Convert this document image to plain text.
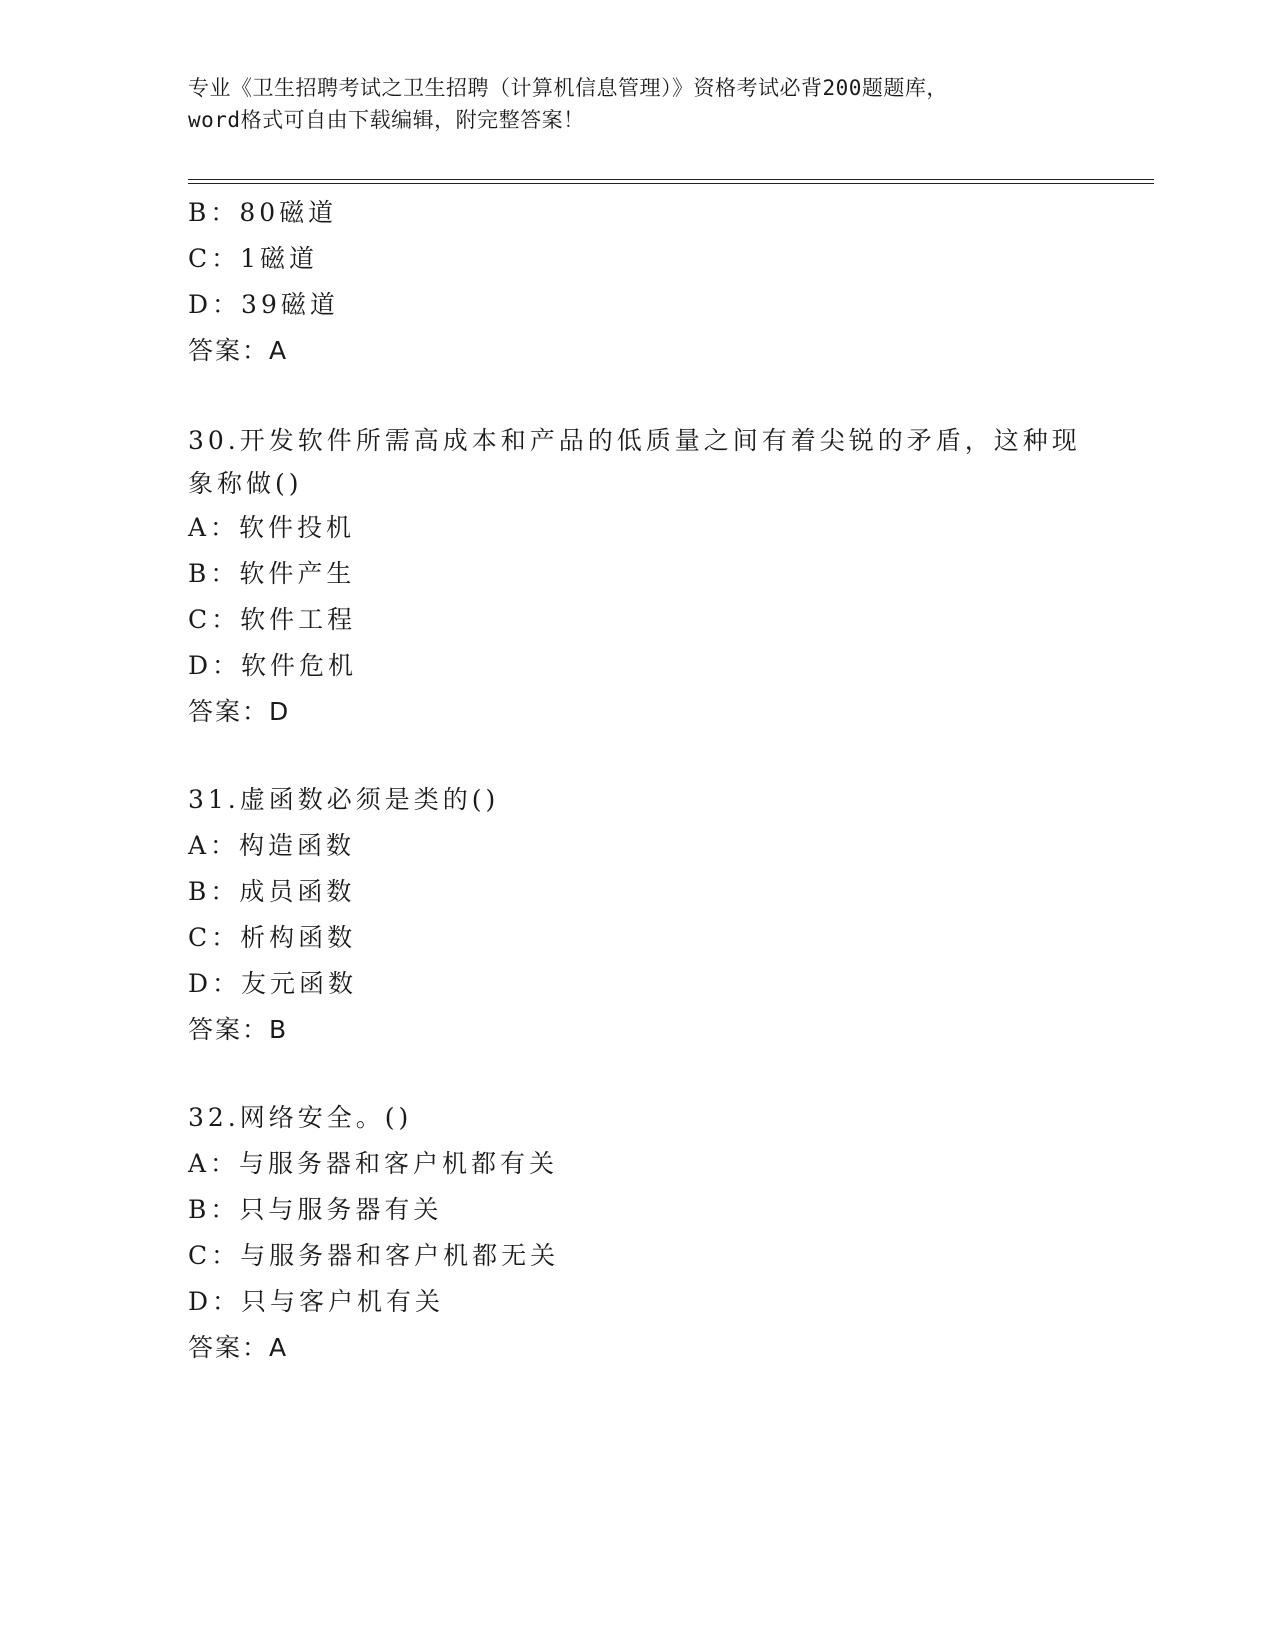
专业《卫生招聘考试之卫生招聘（计算机信息管理）》资格考试必背200题题库，

word格式可自由下载编辑，附完整答案！

B：80磁道
C：1磁道
D：39磁道
答案：A
30.开发软件所需高成本和产品的低质量之间有着尖锐的矛盾，这种现象称做()
A：软件投机
B：软件产生
C：软件工程
D：软件危机
答案：D
31.虚函数必须是类的()
A：构造函数
B：成员函数
C：析构函数
D：友元函数
答案：B
32.网络安全。()
A：与服务器和客户机都有关
B：只与服务器有关
C：与服务器和客户机都无关
D：只与客户机有关
答案：A
